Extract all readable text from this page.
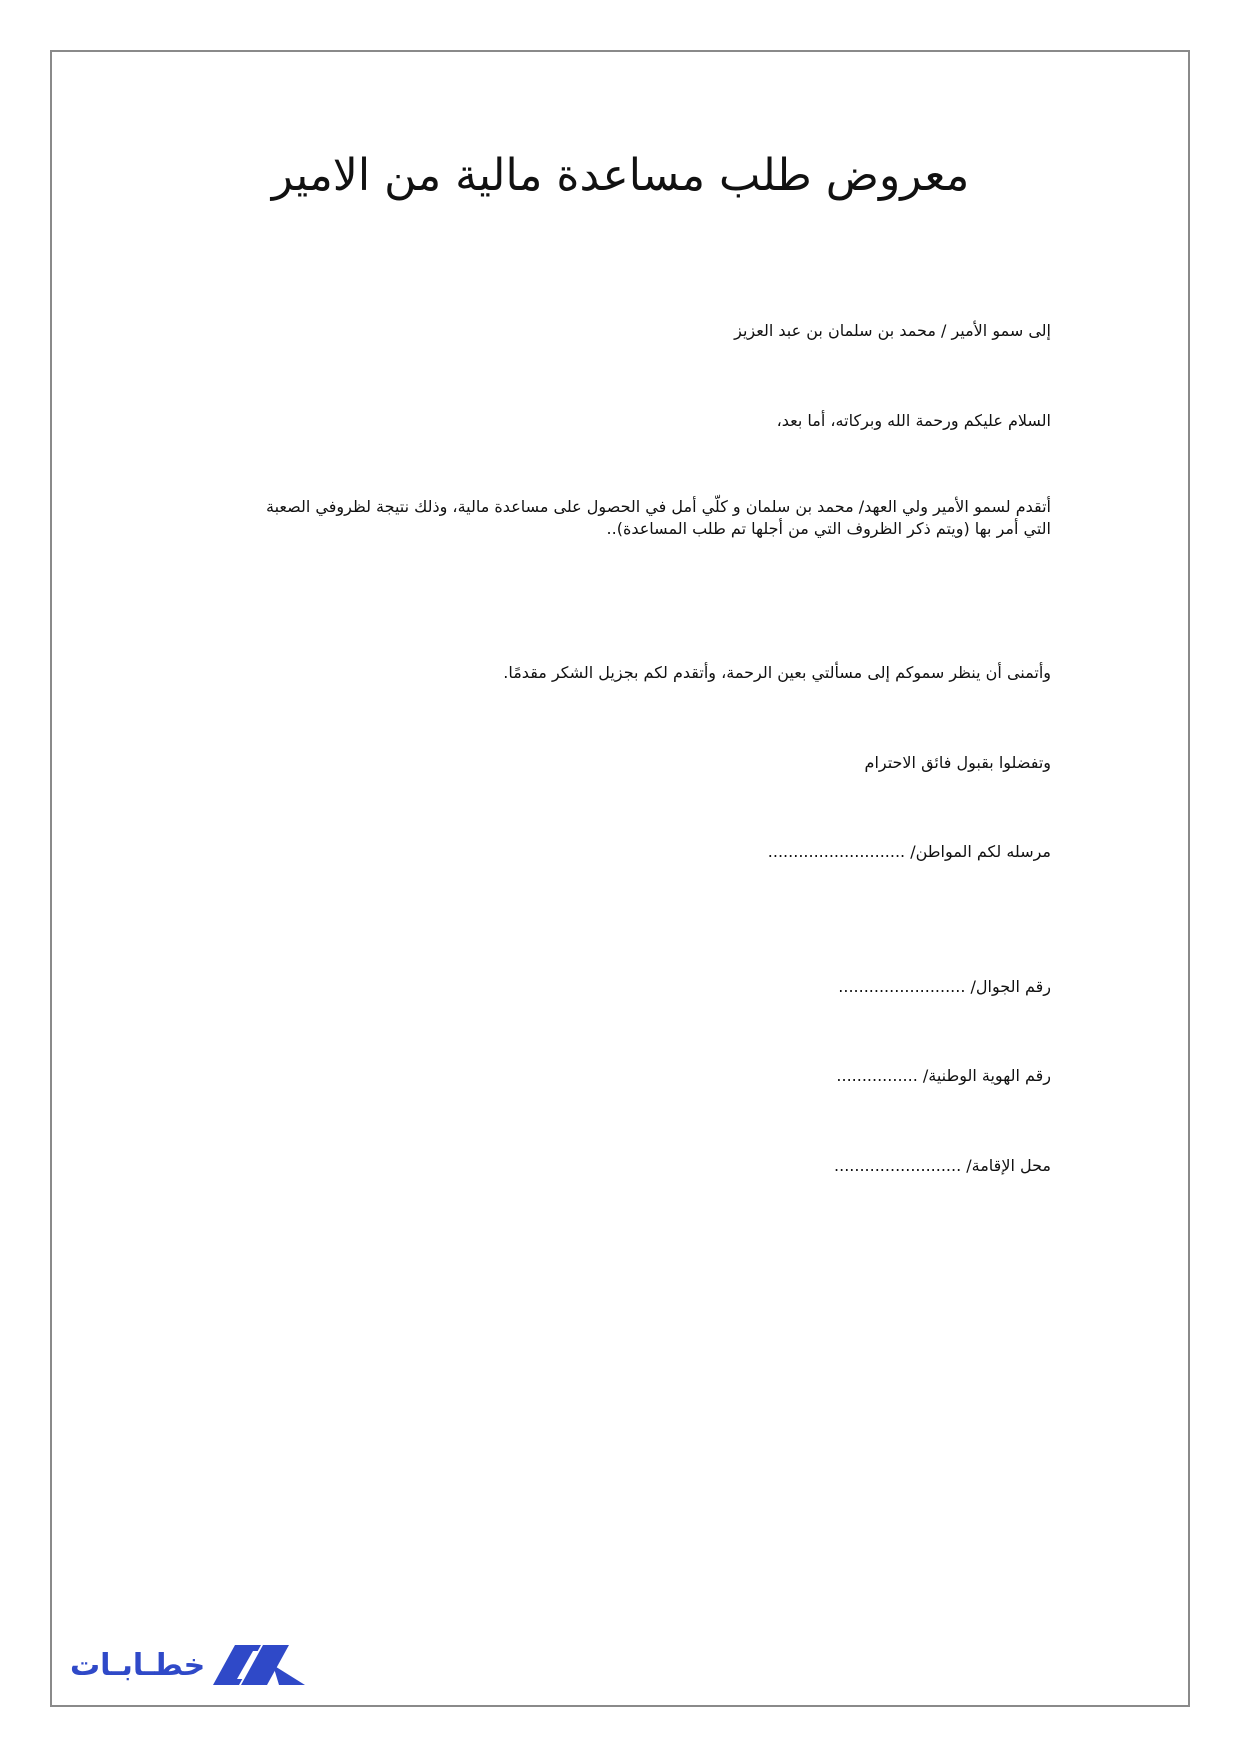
معروض طلب مساعدة مالية من الامير
إلى سمو الأمير / محمد بن سلمان بن عبد العزيز
السلام عليكم ورحمة الله وبركاته، أما بعد،
أتقدم لسمو الأمير ولي العهد/ محمد بن سلمان و كلّي أمل في الحصول على مساعدة مالية، وذلك نتيجة لظروفي الصعبة
التي أمر بها (ويتم ذكر الظروف التي من أجلها تم طلب المساعدة)..
وأتمنى أن ينظر سموكم إلى مسألتي بعين الرحمة، وأتقدم لكم بجزيل الشكر مقدمًا.
وتفضلوا بقبول فائق الاحترام
مرسله لكم المواطن/ ...........................
رقم الجوال/ .........................
رقم الهوية الوطنية/ ................
محل الإقامة/ .........................
خطـابـات
